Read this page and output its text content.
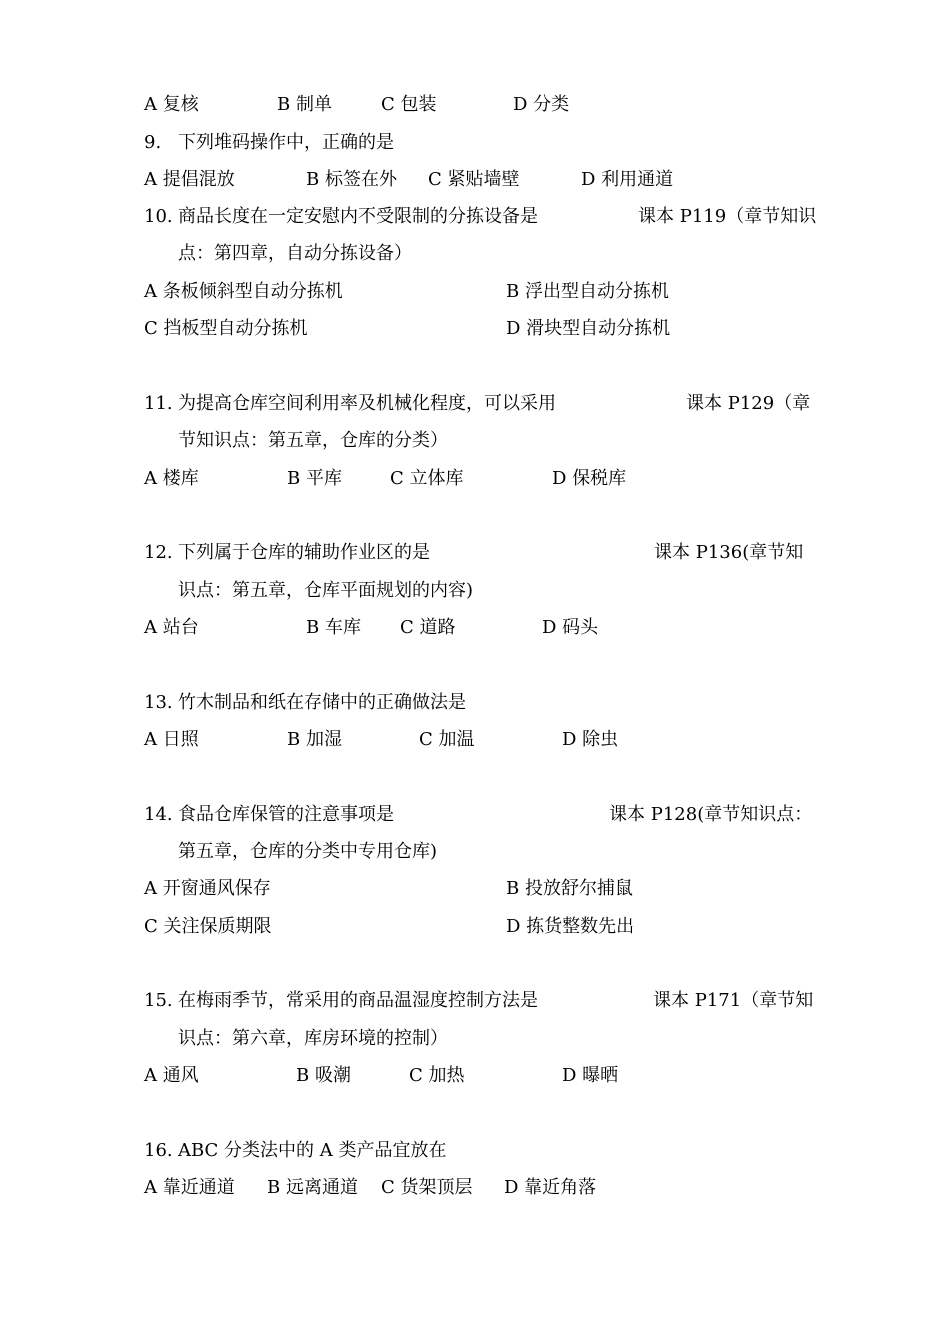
A 复核	B 制单	C 包装	D 分类
9. 下列堆码操作中，正确的是
A 提倡混放	B 标签在外 C 紧贴墙壁	D 利用通道
10. 商品长度在一定安慰内不受限制的分拣设备是	课本 P119（章节知识
点：第四章，自动分拣设备）
A 条板倾斜型自动分拣机	B 浮出型自动分拣机
C 挡板型自动分拣机	D 滑块型自动分拣机
11. 为提高仓库空间利用率及机械化程度，可以采用	课本 P129（章
节知识点：第五章，仓库的分类）
A 楼库	B 平库	C 立体库	D 保税库
12. 下列属于仓库的辅助作业区的是	课本 P136(章节知
识点：第五章，仓库平面规划的内容)
A 站台	B 车库 C 道路	D 码头
13. 竹木制品和纸在存储中的正确做法是
A 日照	B 加湿	C 加温	D 除虫
14. 食品仓库保管的注意事项是	课本 P128(章节知识点：
第五章，仓库的分类中专用仓库)
A 开窗通风保存	B 投放舒尔捕鼠
C 关注保质期限	D 拣货整数先出
15. 在梅雨季节，常采用的商品温湿度控制方法是	课本 P171（章节知
识点：第六章，库房环境的控制）
A 通风	B 吸潮	C 加热	D 曝晒
16. ABC 分类法中的 A 类产品宜放在
A 靠近通道 B 远离通道 C 货架顶层 D 靠近角落
